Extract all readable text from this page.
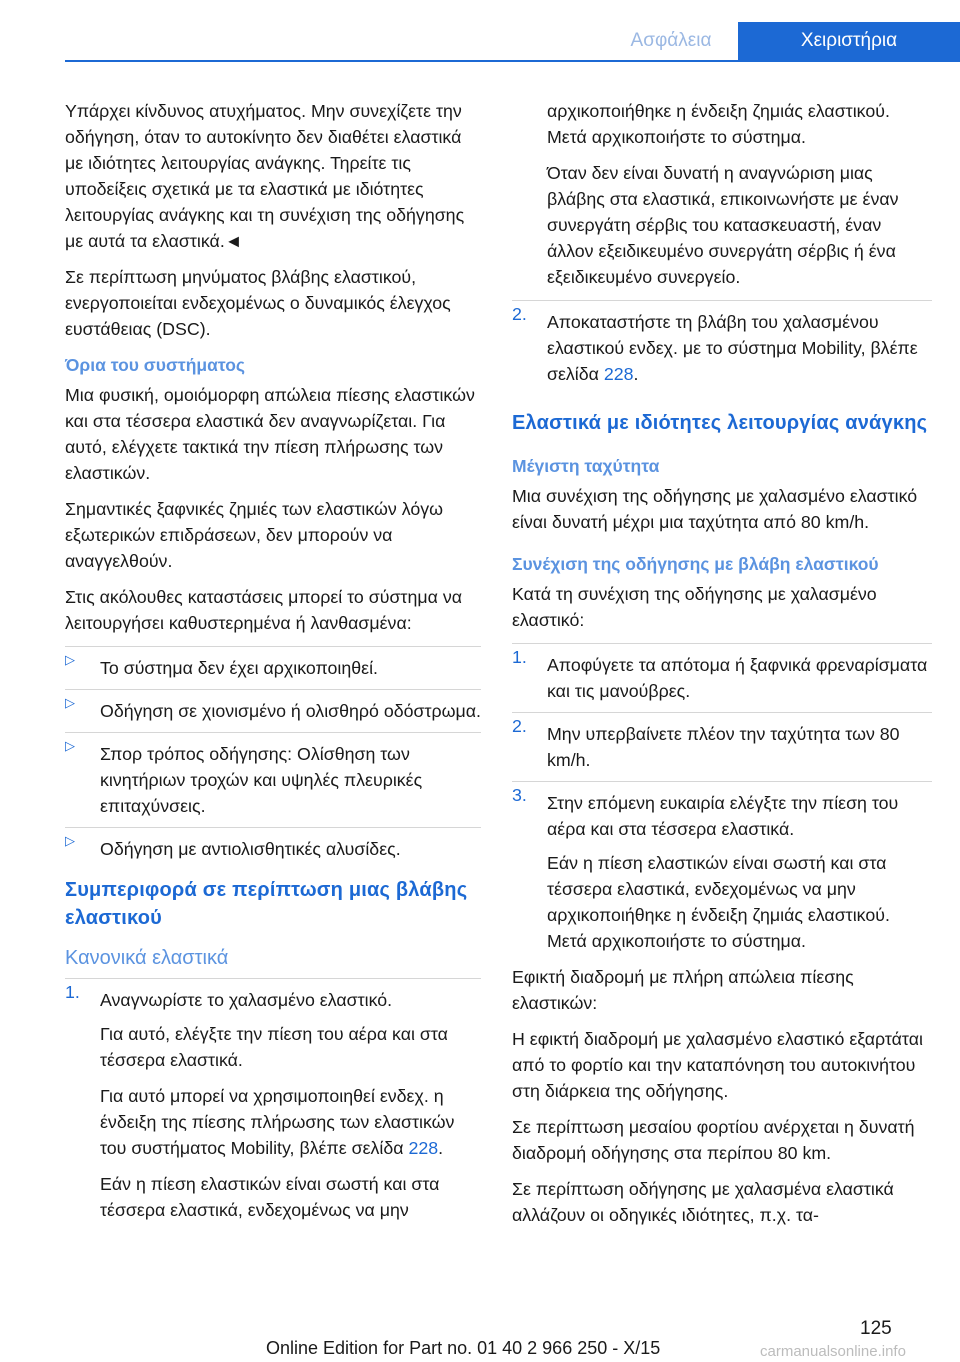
Ασφάλεια	Χειριστήρια

Υπάρχει κίνδυνος ατυχήματος. Μην συνεχίζετε την οδήγηση, όταν το αυτοκίνητο δεν διαθέτει ελαστικά με ιδιότητες λειτουργίας ανάγκης. Τηρείτε τις υποδείξεις σχετικά με τα ελαστικά με ιδιότητες λειτουργίας ανάγκης και τη συνέχιση της οδήγησης με αυτά τα ελαστικά.◄

Σε περίπτωση μηνύματος βλάβης ελαστικού, ενεργοποιείται ενδεχομένως ο δυναμικός έλεγχος ευστάθειας (DSC).

Όρια του συστήματος

Μια φυσική, ομοιόμορφη απώλεια πίεσης ελαστικών και στα τέσσερα ελαστικά δεν αναγνωρίζεται. Για αυτό, ελέγχετε τακτικά την πίεση πλήρωσης των ελαστικών.

Σημαντικές ξαφνικές ζημιές των ελαστικών λόγω εξωτερικών επιδράσεων, δεν μπορούν να αναγγελθούν.

Στις ακόλουθες καταστάσεις μπορεί το σύστημα να λειτουργήσει καθυστερημένα ή λανθασμένα:

▷ Το σύστημα δεν έχει αρχικοποιηθεί.
▷ Οδήγηση σε χιονισμένο ή ολισθηρό οδόστρωμα.
▷ Σπορ τρόπος οδήγησης: Ολίσθηση των κινητήριων τροχών και υψηλές πλευρικές επιταχύνσεις.
▷ Οδήγηση με αντιολισθητικές αλυσίδες.
Συμπεριφορά σε περίπτωση μιας βλάβης ελαστικού
Κανονικά ελαστικά
1. Αναγνωρίστε το χαλασμένο ελαστικό.

Για αυτό, ελέγξτε την πίεση του αέρα και στα τέσσερα ελαστικά.

Για αυτό μπορεί να χρησιμοποιηθεί ενδεχ. η ένδειξη της πίεσης πλήρωσης των ελαστικών του συστήματος Mobility, βλέπε σελίδα 228.

Εάν η πίεση ελαστικών είναι σωστή και στα τέσσερα ελαστικά, ενδεχομένως να μην

αρχικοποιήθηκε η ένδειξη ζημιάς ελαστικού. Μετά αρχικοποιήστε το σύστημα.

Όταν δεν είναι δυνατή η αναγνώριση μιας βλάβης στα ελαστικά, επικοινωνήστε με έναν συνεργάτη σέρβις του κατασκευαστή, έναν άλλον εξειδικευμένο συνεργάτη σέρβις ή ένα εξειδικευμένο συνεργείο.

2. Αποκαταστήστε τη βλάβη του χαλασμένου ελαστικού ενδεχ. με το σύστημα Mobility, βλέπε σελίδα 228.
Ελαστικά με ιδιότητες λειτουργίας ανάγκης
Μέγιστη ταχύτητα

Μια συνέχιση της οδήγησης με χαλασμένο ελαστικό είναι δυνατή μέχρι μια ταχύτητα από 80 km/h.

Συνέχιση της οδήγησης με βλάβη ελαστικού

Κατά τη συνέχιση της οδήγησης με χαλασμένο ελαστικό:

1. Αποφύγετε τα απότομα ή ξαφνικά φρεναρίσματα και τις μανούβρες.
2. Μην υπερβαίνετε πλέον την ταχύτητα των 80 km/h.
3. Στην επόμενη ευκαιρία ελέγξτε την πίεση του αέρα και στα τέσσερα ελαστικά.

Εάν η πίεση ελαστικών είναι σωστή και στα τέσσερα ελαστικά, ενδεχομένως να μην αρχικοποιήθηκε η ένδειξη ζημιάς ελαστικού. Μετά αρχικοποιήστε το σύστημα.

Εφικτή διαδρομή με πλήρη απώλεια πίεσης ελαστικών:

Η εφικτή διαδρομή με χαλασμένο ελαστικό εξαρτάται από το φορτίο και την καταπόνηση του αυτοκινήτου στη διάρκεια της οδήγησης.

Σε περίπτωση μεσαίου φορτίου ανέρχεται η δυνατή διαδρομή οδήγησης στα περίπου 80 km.

Σε περίπτωση οδήγησης με χαλασμένα ελαστικά αλλάζουν οι οδηγικές ιδιότητες, π.χ. τα-

125
Online Edition for Part no. 01 40 2 966 250 - X/15	carmanualsonline.info
